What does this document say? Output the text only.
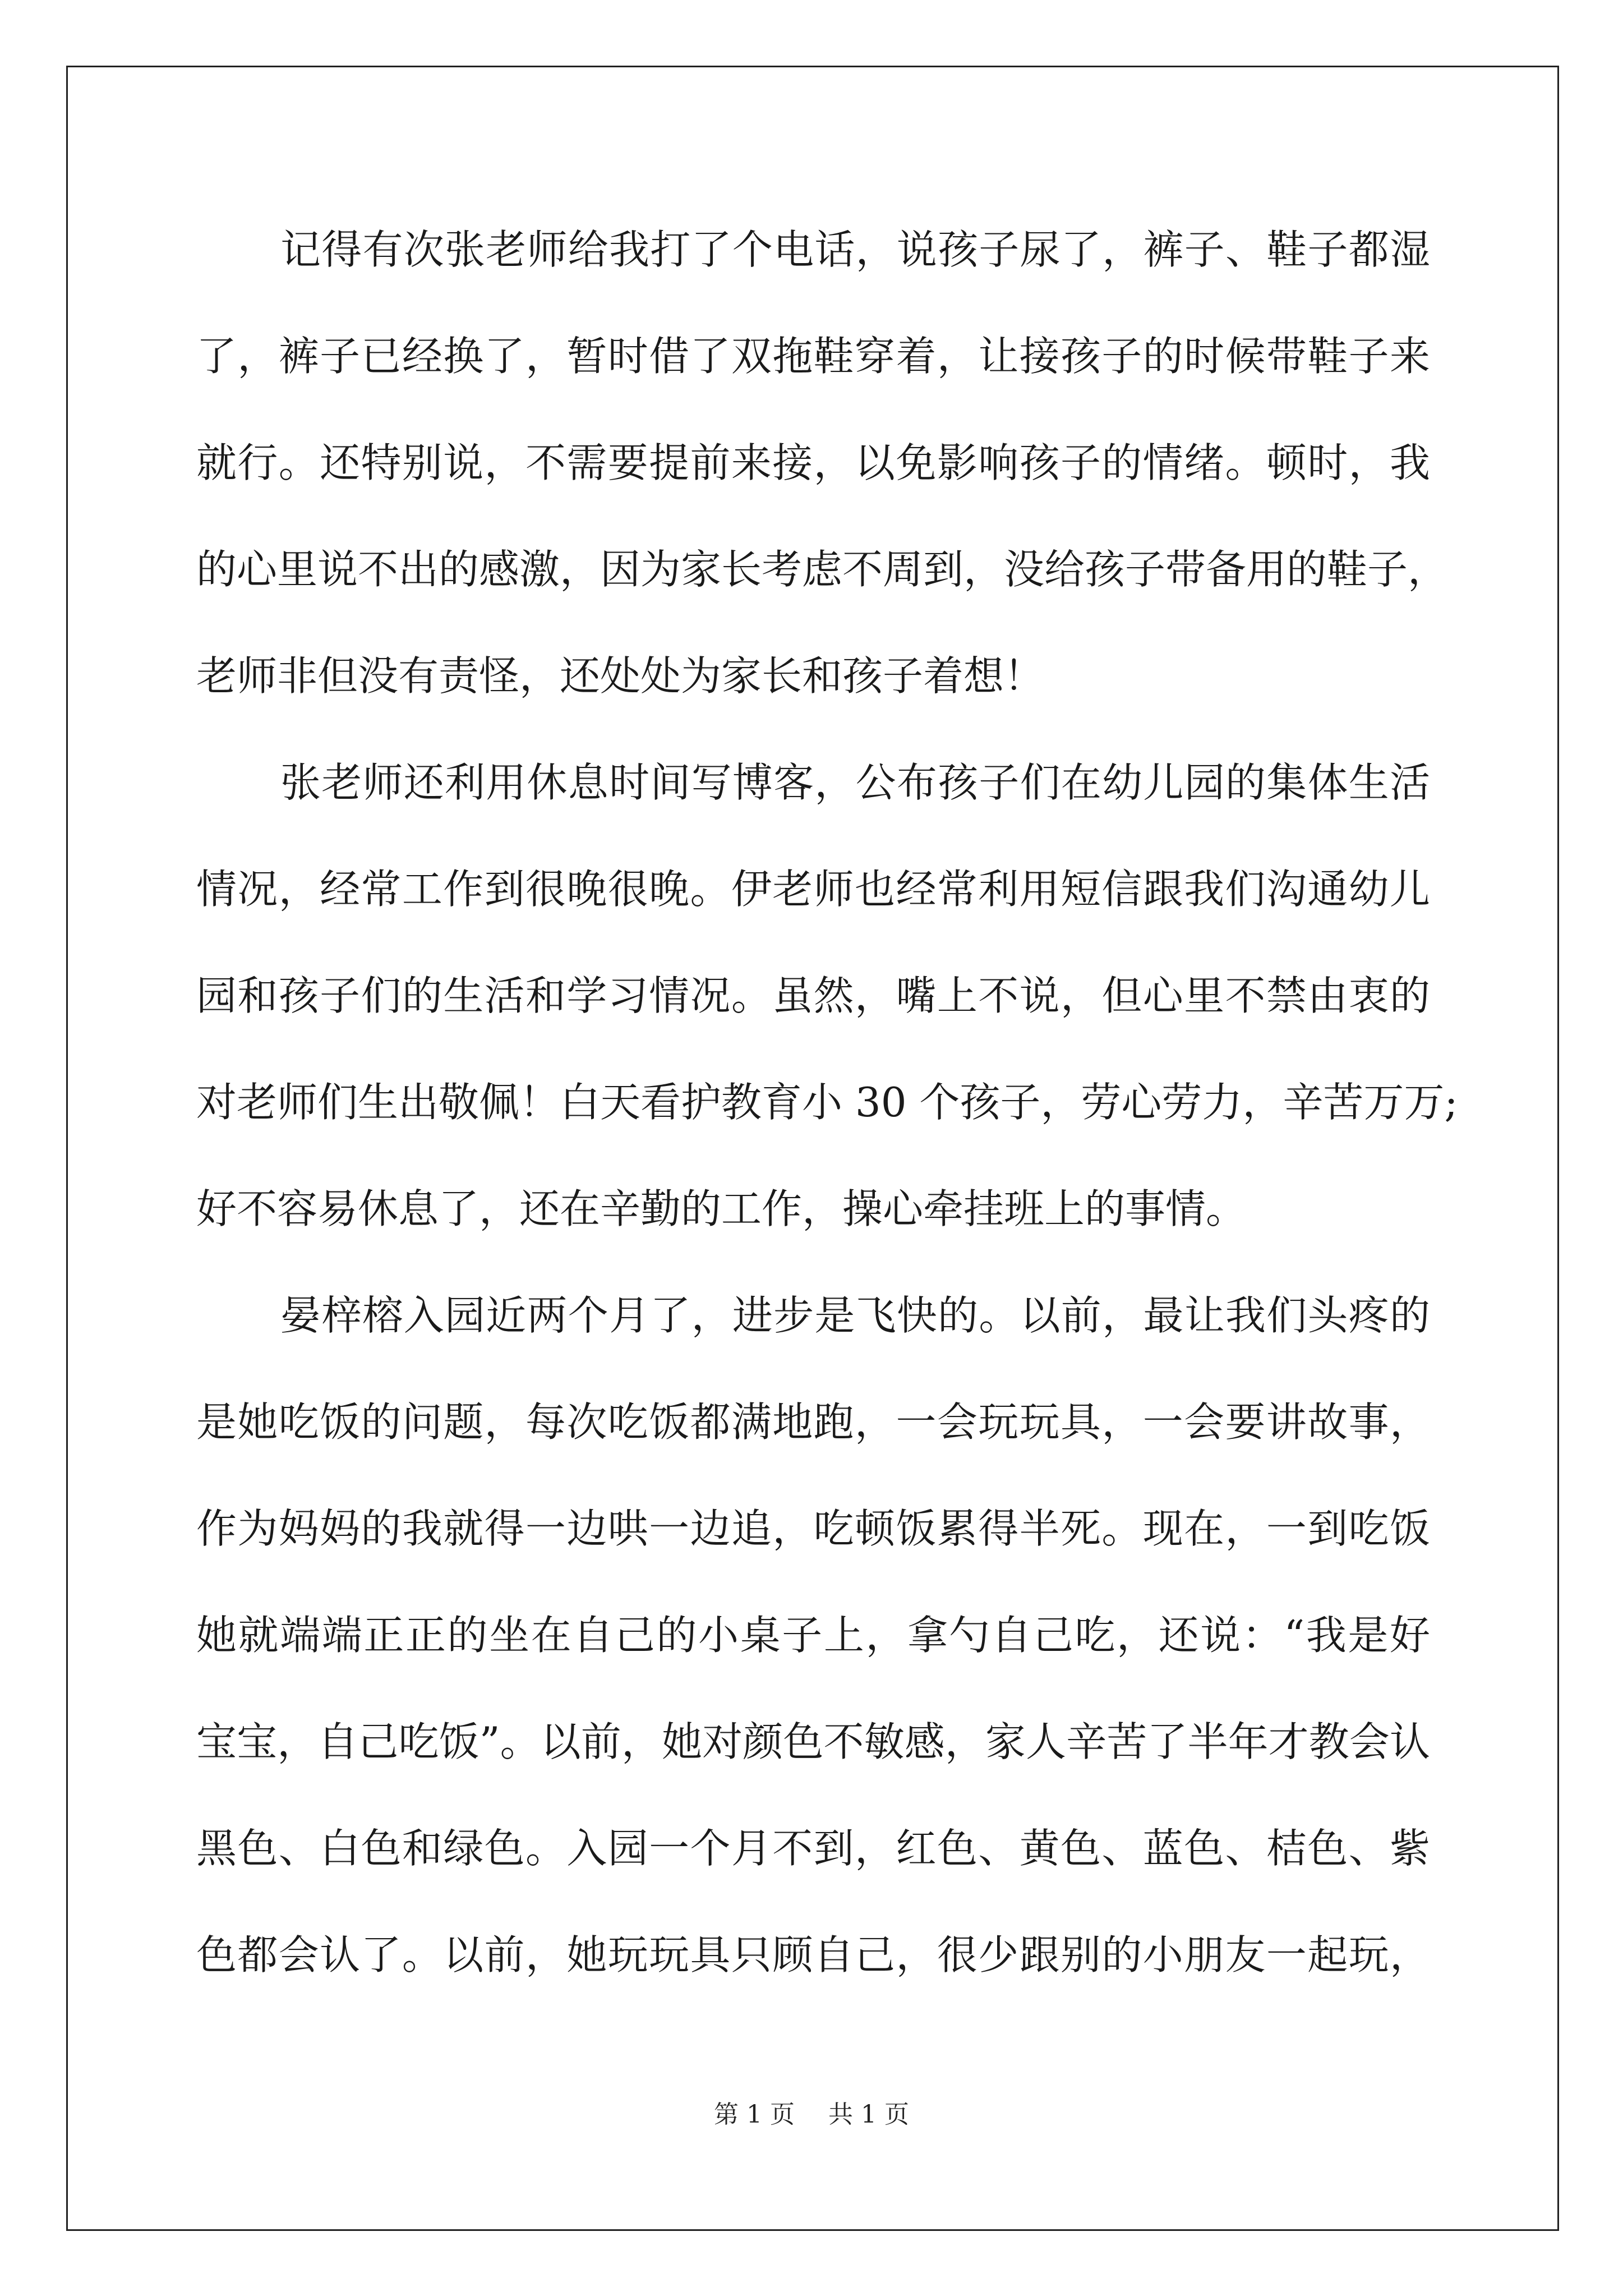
记得有次张老师给我打了个电话，说孩子尿了，裤子、鞋子都湿
了，裤子已经换了，暂时借了双拖鞋穿着，让接孩子的时候带鞋子来
就行。还特别说，不需要提前来接，以免影响孩子的情绪。顿时，我
的心里说不出的感激，因为家长考虑不周到，没给孩子带备用的鞋子，
老师非但没有责怪，还处处为家长和孩子着想！
张老师还利用休息时间写博客，公布孩子们在幼儿园的集体生活
情况，经常工作到很晚很晚。伊老师也经常利用短信跟我们沟通幼儿
园和孩子们的生活和学习情况。虽然，嘴上不说，但心里不禁由衷的
对老师们生出敬佩！白天看护教育小 30 个孩子，劳心劳力，辛苦万万;
好不容易休息了，还在辛勤的工作，操心牵挂班上的事情。
晏梓榕入园近两个月了，进步是飞快的。以前，最让我们头疼的
是她吃饭的问题，每次吃饭都满地跑，一会玩玩具，一会要讲故事，
作为妈妈的我就得一边哄一边追，吃顿饭累得半死。现在，一到吃饭
她就端端正正的坐在自己的小桌子上，拿勺自己吃，还说：“我是好
宝宝，自己吃饭”。以前，她对颜色不敏感，家人辛苦了半年才教会认
黑色、白色和绿色。入园一个月不到，红色、黄色、蓝色、桔色、紫
色都会认了。以前，她玩玩具只顾自己，很少跟别的小朋友一起玩，
第 1 页 共 1 页
